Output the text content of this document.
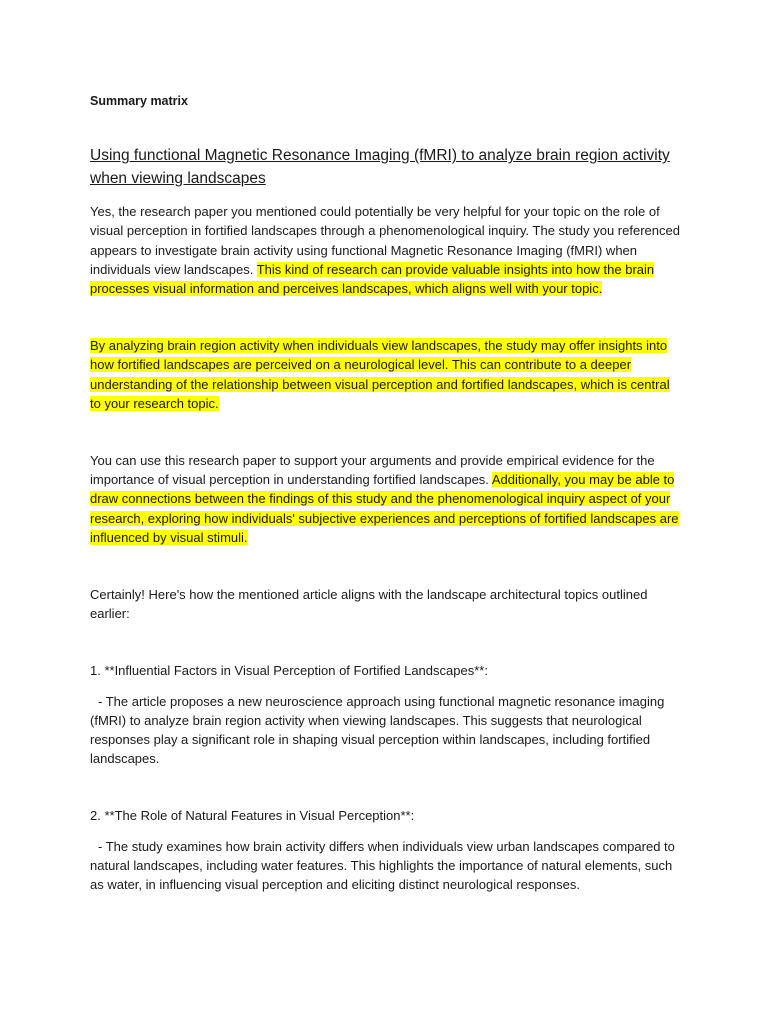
Summary matrix
Using functional Magnetic Resonance Imaging (fMRI) to analyze brain region activity when viewing landscapes

Yes, the research paper you mentioned could potentially be very helpful for your topic on the role of visual perception in fortified landscapes through a phenomenological inquiry. The study you referenced appears to investigate brain activity using functional Magnetic Resonance Imaging (fMRI) when individuals view landscapes. This kind of research can provide valuable insights into how the brain processes visual information and perceives landscapes, which aligns well with your topic.

By analyzing brain region activity when individuals view landscapes, the study may offer insights into how fortified landscapes are perceived on a neurological level. This can contribute to a deeper understanding of the relationship between visual perception and fortified landscapes, which is central to your research topic.

You can use this research paper to support your arguments and provide empirical evidence for the importance of visual perception in understanding fortified landscapes. Additionally, you may be able to draw connections between the findings of this study and the phenomenological inquiry aspect of your research, exploring how individuals' subjective experiences and perceptions of fortified landscapes are influenced by visual stimuli.

Certainly! Here's how the mentioned article aligns with the landscape architectural topics outlined earlier:

1. **Influential Factors in Visual Perception of Fortified Landscapes**:

- The article proposes a new neuroscience approach using functional magnetic resonance imaging (fMRI) to analyze brain region activity when viewing landscapes. This suggests that neurological responses play a significant role in shaping visual perception within landscapes, including fortified landscapes.

2. **The Role of Natural Features in Visual Perception**:

- The study examines how brain activity differs when individuals view urban landscapes compared to natural landscapes, including water features. This highlights the importance of natural elements, such as water, in influencing visual perception and eliciting distinct neurological responses.
